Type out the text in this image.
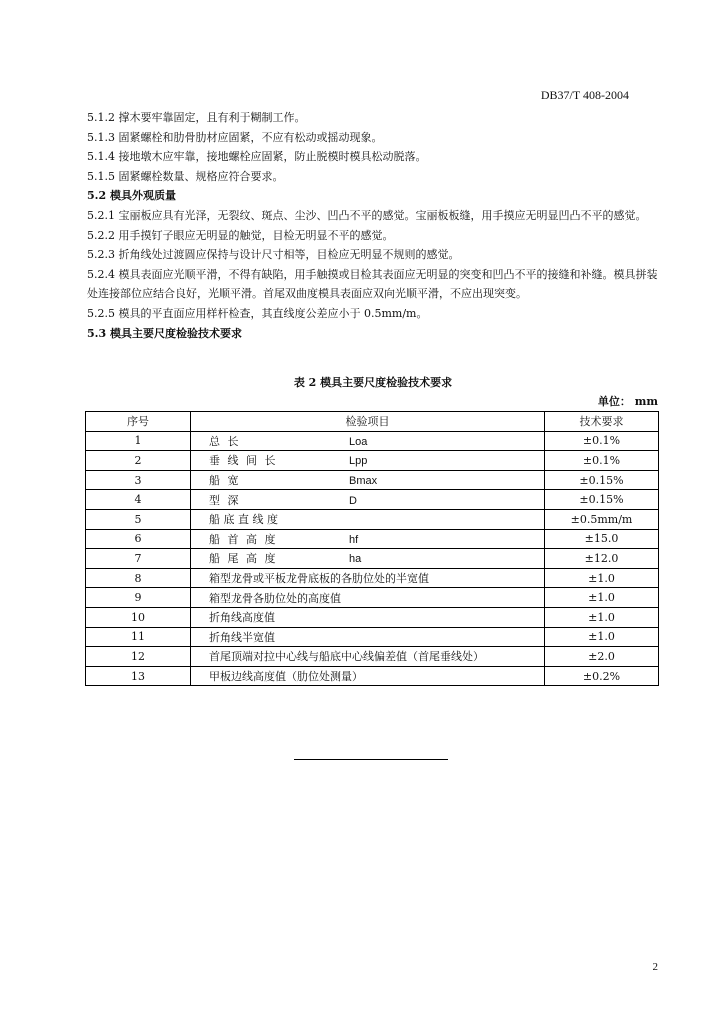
DB37/T 408-2004

5.1.2 撑木要牢靠固定，且有利于糊制工作。

5.1.3 固紧螺栓和肋骨肋材应固紧，不应有松动或摇动现象。

5.1.4 接地墩木应牢靠，接地螺栓应固紧，防止脱模时模具松动脱落。

5.1.5 固紧螺栓数量、规格应符合要求。

5.2 模具外观质量

5.2.1 宝丽板应具有光泽，无裂纹、斑点、尘沙、凹凸不平的感觉。宝丽板板缝，用手摸应无明显凹凸不平的感觉。

5.2.2 用手摸钉子眼应无明显的触觉，目检无明显不平的感觉。

5.2.3 折角线处过渡圆应保持与设计尺寸相等，目检应无明显不规则的感觉。

5.2.4 模具表面应光顺平滑，不得有缺陷，用手触摸或目检其表面应无明显的突变和凹凸不平的接缝和补缝。模具拼装处连接部位应结合良好，光顺平滑。首尾双曲度模具表面应双向光顺平滑，不应出现突变。

5.2.5 模具的平直面应用样杆检查，其直线度公差应小于 0.5mm/m。

5.3 模具主要尺度检验技术要求

表 2 模具主要尺度检验技术要求
单位： mm
序号	检验项目	技术要求
1	总 长 Loa	±0.1%
2	垂 线 间 长 Lpp	±0.1%
3	船 宽 Bmax	±0.15%
4	型 深 D	±0.15%
5	船 底 直 线 度	±0.5mm/m
6	船 首 高 度 hf	±15.0
7	船 尾 高 度 ha	±12.0
8	箱型龙骨或平板龙骨底板的各肋位处的半宽值	±1.0
9	箱型龙骨各肋位处的高度值	±1.0
10	折角线高度值	±1.0
11	折角线半宽值	±1.0
12	首尾顶端对拉中心线与船底中心线偏差值（首尾垂线处）	±2.0
13	甲板边线高度值（肋位处测量）	±0.2%
2
